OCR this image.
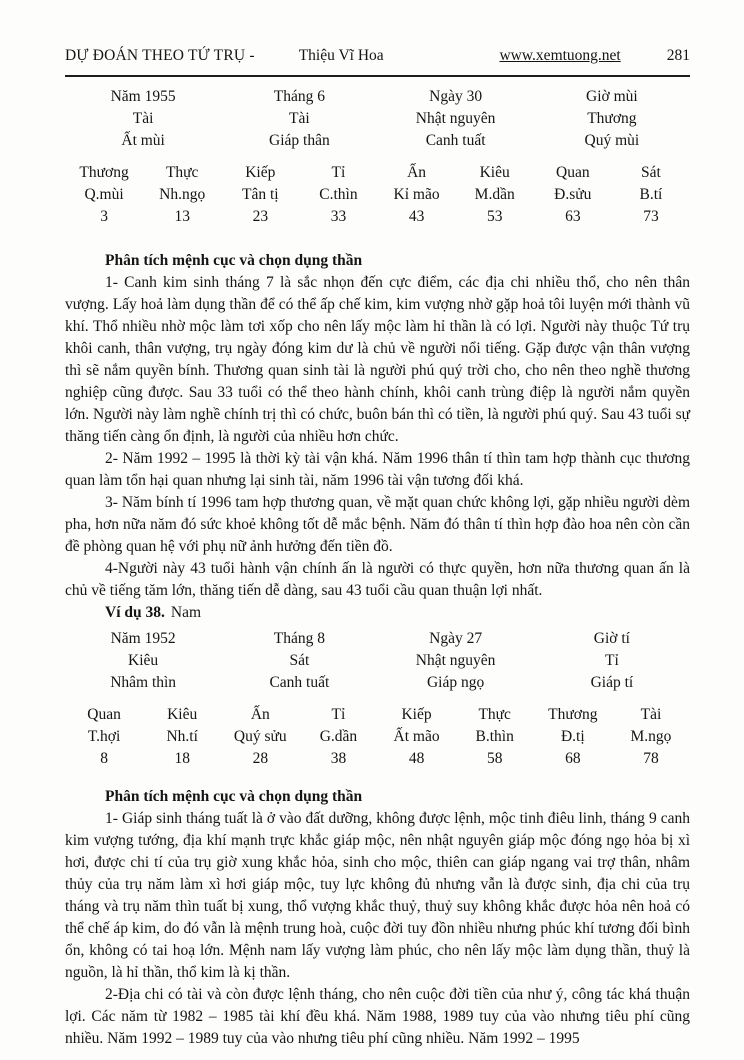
DỰ ĐOÁN THEO TỨ TRỤ -	Thiệu Vĩ Hoa	www.xemtuong.net	281
Năm 1955	Tháng 6	Ngày 30	Giờ mùi
Tài	Tài	Nhật nguyên	Thương
Ất mùi	Giáp thân	Canh tuất	Quý mùi
Thương	Thực	Kiếp	Tỉ	Ấn	Kiêu	Quan	Sát
Q.mùi	Nh.ngọ	Tân tị	C.thìn	Kỉ mão	M.dần	Đ.sửu	B.tí
3	13	23	33	43	53	63	73
Phân tích mệnh cục và chọn dụng thần

1- Canh kim sinh tháng 7 là sắc nhọn đến cực điểm, các địa chi nhiều thổ, cho nên thân vượng. Lấy hoả làm dụng thần để có thể ấp chế kim, kim vượng nhờ gặp hoả tôi luyện mới thành vũ khí. Thổ nhiều nhờ mộc làm tơi xốp cho nên lấy mộc làm hỉ thần là có lợi. Người này thuộc Tứ trụ khôi canh, thân vượng, trụ ngày đóng kim dư là chủ về người nổi tiếng. Gặp được vận thân vượng thì sẽ nắm quyền bính. Thương quan sinh tài là người phú quý trời cho, cho nên theo nghề thương nghiệp cũng được. Sau 33 tuổi có thể theo hành chính, khôi canh trùng điệp là người nắm quyền lớn. Người này làm nghề chính trị thì có chức, buôn bán thì có tiền, là người phú quý. Sau 43 tuổi sự thăng tiến càng ổn định, là người của nhiều hơn chức.

2- Năm 1992 – 1995 là thời kỳ tài vận khá. Năm 1996 thân tí thìn tam hợp thành cục thương quan làm tổn hại quan nhưng lại sinh tài, năm 1996 tài vận tương đối khá.

3- Năm bính tí 1996 tam hợp thương quan, về mặt quan chức không lợi, gặp nhiều người dèm pha, hơn nữa năm đó sức khoẻ không tốt dễ mắc bệnh. Năm đó thân tí thìn hợp đào hoa nên còn cần đề phòng quan hệ với phụ nữ ảnh hưởng đến tiền đồ.

4-Người này 43 tuổi hành vận chính ấn là người có thực quyền, hơn nữa thương quan ấn là chủ về tiếng tăm lớn, thăng tiến dễ dàng, sau 43 tuổi cầu quan thuận lợi nhất.

Ví dụ 38. Nam

Năm 1952	Tháng 8	Ngày 27	Giờ tí
Kiêu	Sát	Nhật nguyên	Tỉ
Nhâm thìn	Canh tuất	Giáp ngọ	Giáp tí
Quan	Kiêu	Ấn	Tỉ	Kiếp	Thực	Thương	Tài
T.hợi	Nh.tí	Quý sửu	G.dần	Ất mão	B.thìn	Đ.tị	M.ngọ
8	18	28	38	48	58	68	78
Phân tích mệnh cục và chọn dụng thần

1- Giáp sinh tháng tuất là ở vào đất dưỡng, không được lệnh, mộc tinh điêu linh, tháng 9 canh kim vượng tướng, địa khí mạnh trực khắc giáp mộc, nên nhật nguyên giáp mộc đóng ngọ hỏa bị xì hơi, được chi tí của trụ giờ xung khắc hỏa, sinh cho mộc, thiên can giáp ngang vai trợ thân, nhâm thủy của trụ năm làm xì hơi giáp mộc, tuy lực không đủ nhưng vẫn là được sinh, địa chi của trụ tháng và trụ năm thìn tuất bị xung, thổ vượng khắc thuỷ, thuỷ suy không khắc được hỏa nên hoả có thể chế áp kim, do đó vẫn là mệnh trung hoà, cuộc đời tuy đồn nhiều nhưng phúc khí tương đối bình ổn, không có tai hoạ lớn. Mệnh nam lấy vượng làm phúc, cho nên lấy mộc làm dụng thần, thuỷ là nguồn, là hỉ thần, thổ kim là kị thần.

2-Địa chi có tài và còn được lệnh tháng, cho nên cuộc đời tiền của như ý, công tác khá thuận lợi. Các năm từ 1982 – 1985 tài khí đều khá. Năm 1988, 1989 tuy của vào nhưng tiêu phí cũng nhiều. Năm 1992 – 1989 tuy của vào nhưng tiêu phí cũng nhiều. Năm 1992 – 1995
